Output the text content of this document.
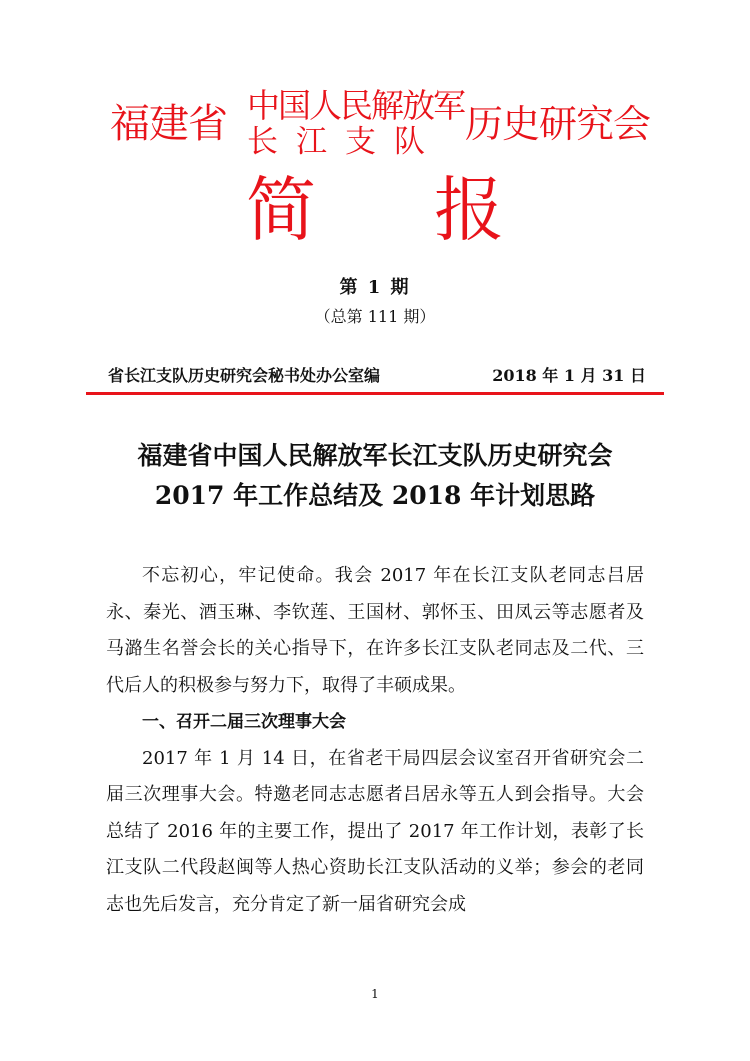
福建省 中国人民解放军
长江支队 历史研究会
简报
第 1 期
（总第 111 期）
省长江支队历史研究会秘书处办公室编	2018 年 1 月 31 日
福建省中国人民解放军长江支队历史研究会
2017 年工作总结及 2018 年计划思路

不忘初心，牢记使命。我会 2017 年在长江支队老同志吕居永、秦光、酒玉琳、李钦莲、王国材、郭怀玉、田凤云等志愿者及马潞生名誉会长的关心指导下，在许多长江支队老同志及二代、三代后人的积极参与努力下，取得了丰硕成果。

一、召开二届三次理事大会

2017 年 1 月 14 日，在省老干局四层会议室召开省研究会二届三次理事大会。特邀老同志志愿者吕居永等五人到会指导。大会总结了 2016 年的主要工作，提出了 2017 年工作计划，表彰了长江支队二代段赵闽等人热心资助长江支队活动的义举；参会的老同志也先后发言，充分肯定了新一届省研究会成

1
